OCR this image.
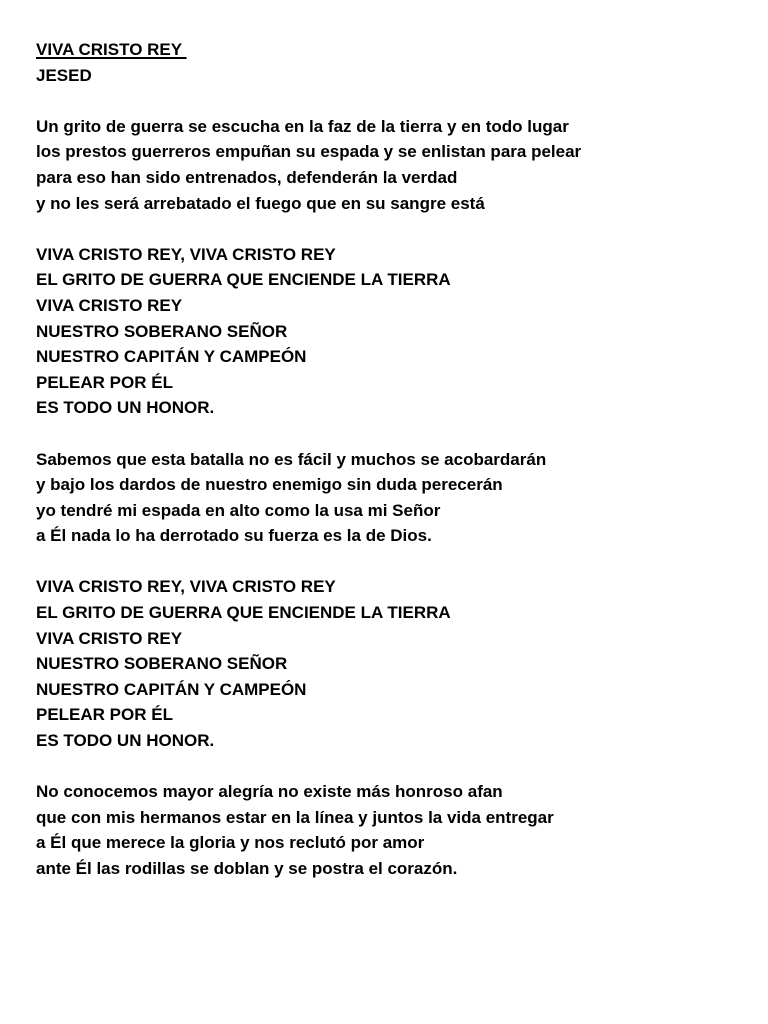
VIVA CRISTO REY
JESED
Un grito de guerra se escucha en la faz de la tierra y en todo lugar
los prestos guerreros empuñan su espada y se enlistan para pelear
para eso han sido entrenados, defenderán la verdad
y no les será arrebatado el fuego que en su sangre está
VIVA CRISTO REY, VIVA CRISTO REY
EL GRITO DE GUERRA QUE ENCIENDE LA TIERRA
VIVA CRISTO REY
NUESTRO SOBERANO SEÑOR
NUESTRO CAPITÁN Y CAMPEÓN
PELEAR POR ÉL
ES TODO UN HONOR.
Sabemos que esta batalla no es fácil y muchos se acobardarán
y bajo los dardos de nuestro enemigo sin duda perecerán
yo tendré mi espada en alto como la usa mi Señor
a Él nada lo ha derrotado su fuerza es la de Dios.
VIVA CRISTO REY, VIVA CRISTO REY
EL GRITO DE GUERRA QUE ENCIENDE LA TIERRA
VIVA CRISTO REY
NUESTRO SOBERANO SEÑOR
NUESTRO CAPITÁN Y CAMPEÓN
PELEAR POR ÉL
ES TODO UN HONOR.
No conocemos mayor alegría no existe más honroso afan
que con mis hermanos estar en la línea y juntos la vida entregar
a Él que merece la gloria y nos reclutó por amor
ante Él las rodillas se doblan y se postra el corazón.
